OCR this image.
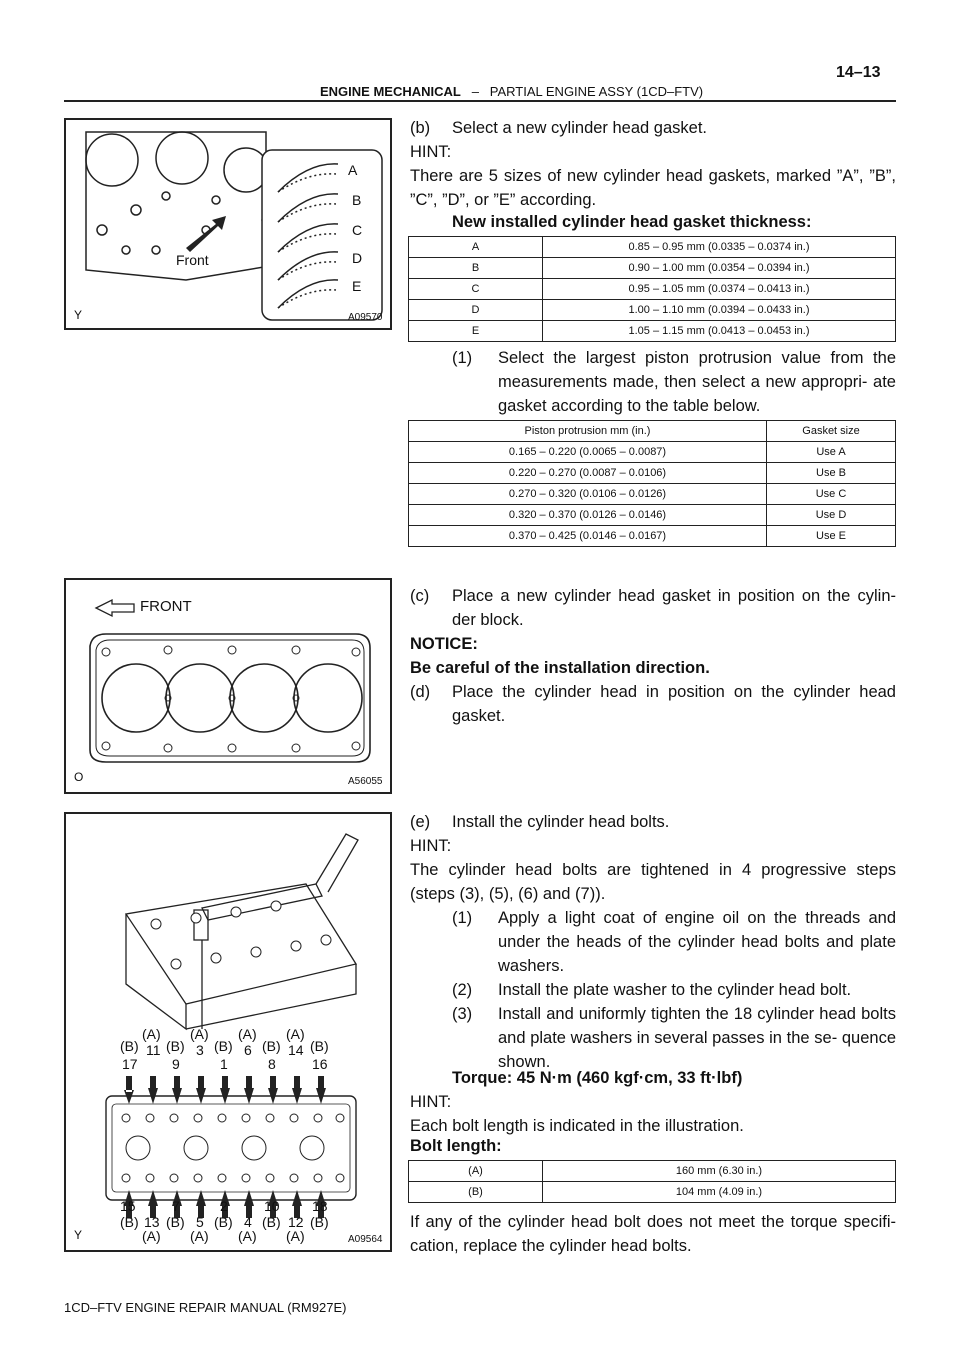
ENGINE MECHANICAL – PARTIAL ENGINE ASSY (1CD–FTV)
14–13
Front
A
B
C
D
E
Y	A09570
(b) Select a new cylinder head gasket.
HINT:
There are 5 sizes of new cylinder head gaskets, marked ”A”, ”B”, ”C”, ”D”, or ”E” according.
New installed cylinder head gasket thickness:
A	0.85 – 0.95 mm (0.0335 – 0.0374 in.)
B	0.90 – 1.00 mm (0.0354 – 0.0394 in.)
C	0.95 – 1.05 mm (0.0374 – 0.0413 in.)
D	1.00 – 1.10 mm (0.0394 – 0.0433 in.)
E	1.05 – 1.15 mm (0.0413 – 0.0453 in.)
(1) Select the largest piston protrusion value from the measurements made, then select a new appropri- ate gasket according to the table below.
Piston protrusion mm (in.)	Gasket size
0.165 – 0.220 (0.0065 – 0.0087)	Use A
0.220 – 0.270 (0.0087 – 0.0106)	Use B
0.270 – 0.320 (0.0106 – 0.0126)	Use C
0.320 – 0.370 (0.0126 – 0.0146)	Use D
0.370 – 0.425 (0.0146 – 0.0167)	Use E
FRONT
O	A56055
(c) Place a new cylinder head gasket in position on the cylin- der block.
NOTICE:
Be careful of the installation direction.
(d) Place the cylinder head in position on the cylinder head gasket.
(B)
17
(A)
11 (B)
9
(A)
3 (B)
1
(A)
6 (B)
8
(A)
14 (B)
16
15
(B) 13
(A)
7
(B) 5
(A)
2
(B) 4
(A)
10
(B) 12
(A)
18
(B)
Y	A09564
(e) Install the cylinder head bolts.
HINT:
The cylinder head bolts are tightened in 4 progressive steps (steps (3), (5), (6) and (7)).
(1) Apply a light coat of engine oil on the threads and under the heads of the cylinder head bolts and plate washers.
(2) Install the plate washer to the cylinder head bolt.
(3) Install and uniformly tighten the 18 cylinder head bolts and plate washers in several passes in the se- quence shown.
Torque: 45 N·m (460 kgf·cm, 33 ft·lbf)
HINT:
Each bolt length is indicated in the illustration.
Bolt length:
(A)	160 mm (6.30 in.)
(B)	104 mm (4.09 in.)
If any of the cylinder head bolt does not meet the torque specifi- cation, replace the cylinder head bolts.
1CD–FTV ENGINE REPAIR MANUAL (RM927E)
